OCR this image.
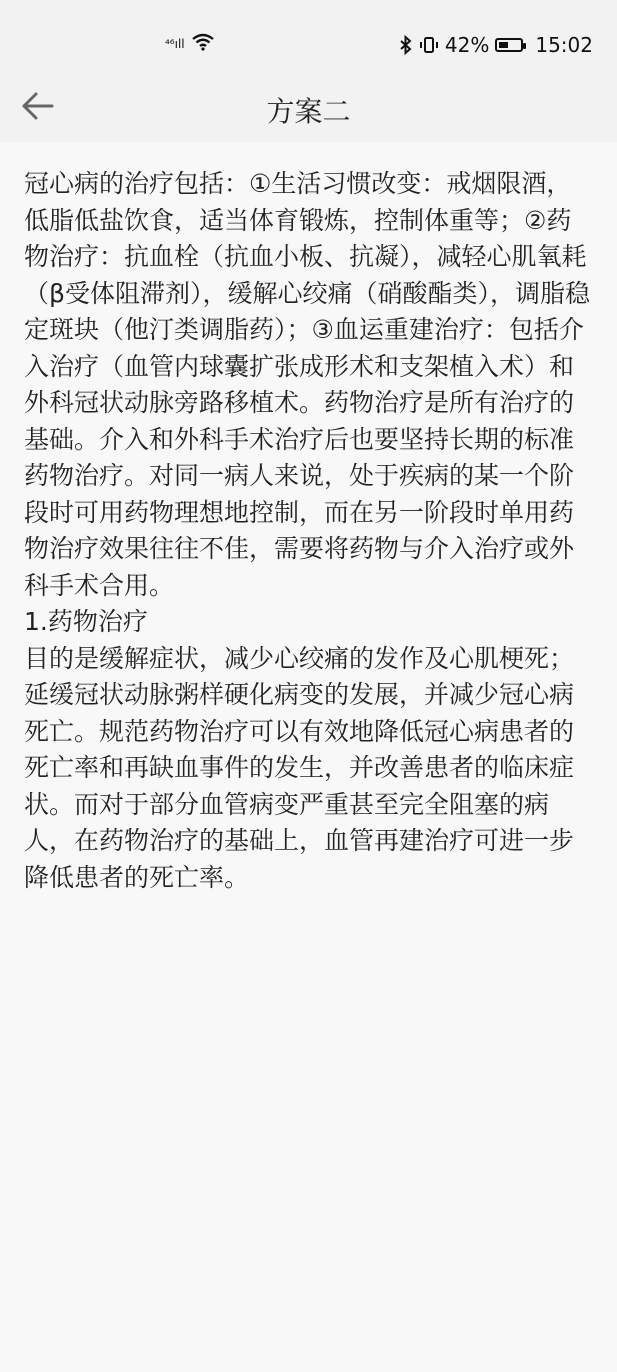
⁴⁶ıll	42% 15:02
方案二

冠心病的治疗包括：①生活习惯改变：戒烟限酒，低脂低盐饮食，适当体育锻炼，控制体重等；②药物治疗：抗血栓（抗血小板、抗凝），减轻心肌氧耗（β受体阻滞剂），缓解心绞痛（硝酸酯类），调脂稳定斑块（他汀类调脂药）；③血运重建治疗：包括介入治疗（血管内球囊扩张成形术和支架植入术）和外科冠状动脉旁路移植术。药物治疗是所有治疗的基础。介入和外科手术治疗后也要坚持长期的标准药物治疗。对同一病人来说，处于疾病的某一个阶段时可用药物理想地控制，而在另一阶段时单用药物治疗效果往往不佳，需要将药物与介入治疗或外科手术合用。

1.药物治疗

目的是缓解症状，减少心绞痛的发作及心肌梗死；延缓冠状动脉粥样硬化病变的发展，并减少冠心病死亡。规范药物治疗可以有效地降低冠心病患者的死亡率和再缺血事件的发生，并改善患者的临床症状。而对于部分血管病变严重甚至完全阻塞的病人，在药物治疗的基础上，血管再建治疗可进一步降低患者的死亡率。
